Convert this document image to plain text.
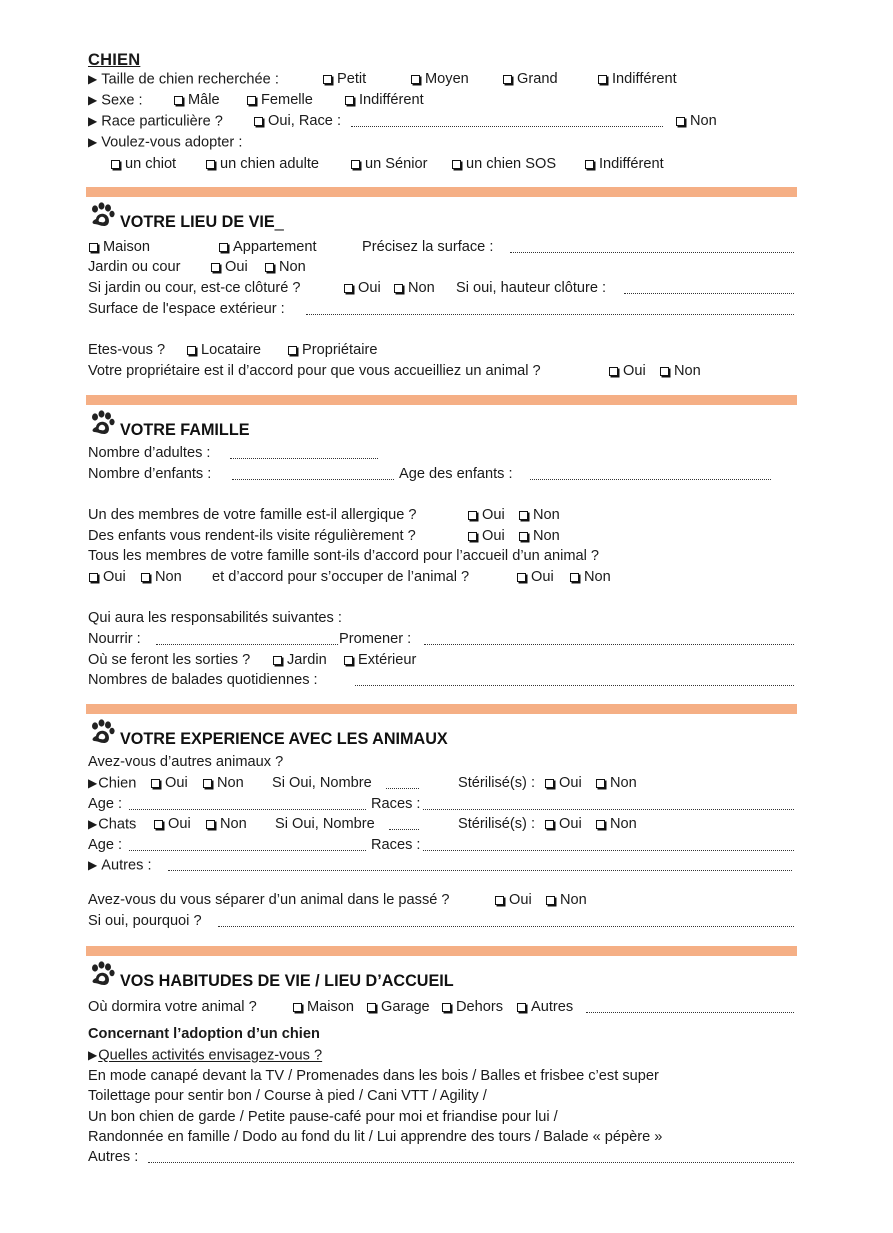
CHIEN
▶ Taille de chien recherchée :	Petit	Moyen	Grand	Indifférent
▶ Sexe :	Mâle	Femelle	Indifférent
▶ Race particulière ?	Oui, Race :	Non
▶ Voulez-vous adopter :
un chiot	un chien adulte	un Sénior	un chien SOS	Indifférent
VOTRE LIEU DE VIE_
Maison	Appartement	Précisez la surface :
Jardin ou cour	Oui	Non
Si jardin ou cour, est-ce clôturé ?	Oui	Non Si oui, hauteur clôture :
Surface de l'espace extérieur :
Etes-vous ?	Locataire	Propriétaire
Votre propriétaire est il d’accord pour que vous accueilliez un animal ?	Oui	Non
VOTRE FAMILLE
Nombre d’adultes :
Nombre d’enfants :	Age des enfants :
Un des membres de votre famille est-il allergique ?	Oui	Non
Des enfants vous rendent-ils visite régulièrement ?	Oui	Non
Tous les membres de votre famille sont-ils d’accord pour l’accueil d’un animal ?
Oui	Non et d’accord pour s’occuper de l’animal ?	Oui	Non
Qui aura les responsabilités suivantes :
Nourrir :	Promener :
Où se feront les sorties ?	Jardin	Extérieur
Nombres de balades quotidiennes :
VOTRE EXPERIENCE AVEC LES ANIMAUX
Avez-vous d’autres animaux ?
▶Chien	Oui	Non Si Oui, Nombre	Stérilisé(s) :	Oui	Non
Age :	Races :
▶Chats	Oui	Non Si Oui, Nombre	Stérilisé(s) :	Oui	Non
Age :	Races :
▶ Autres :
Avez-vous du vous séparer d’un animal dans le passé ?	Oui	Non
Si oui, pourquoi ?
VOS HABITUDES DE VIE / LIEU D’ACCUEIL
Où dormira votre animal ?	Maison	Garage	Dehors	Autres
Concernant l’adoption d’un chien
▶Quelles activités envisagez-vous ?
En mode canapé devant la TV / Promenades dans les bois / Balles et frisbee c’est super
Toilettage pour sentir bon / Course à pied / Cani VTT / Agility /
Un bon chien de garde / Petite pause-café pour moi et friandise pour lui /
Randonnée en famille / Dodo au fond du lit / Lui apprendre des tours / Balade « pépère »
Autres :
